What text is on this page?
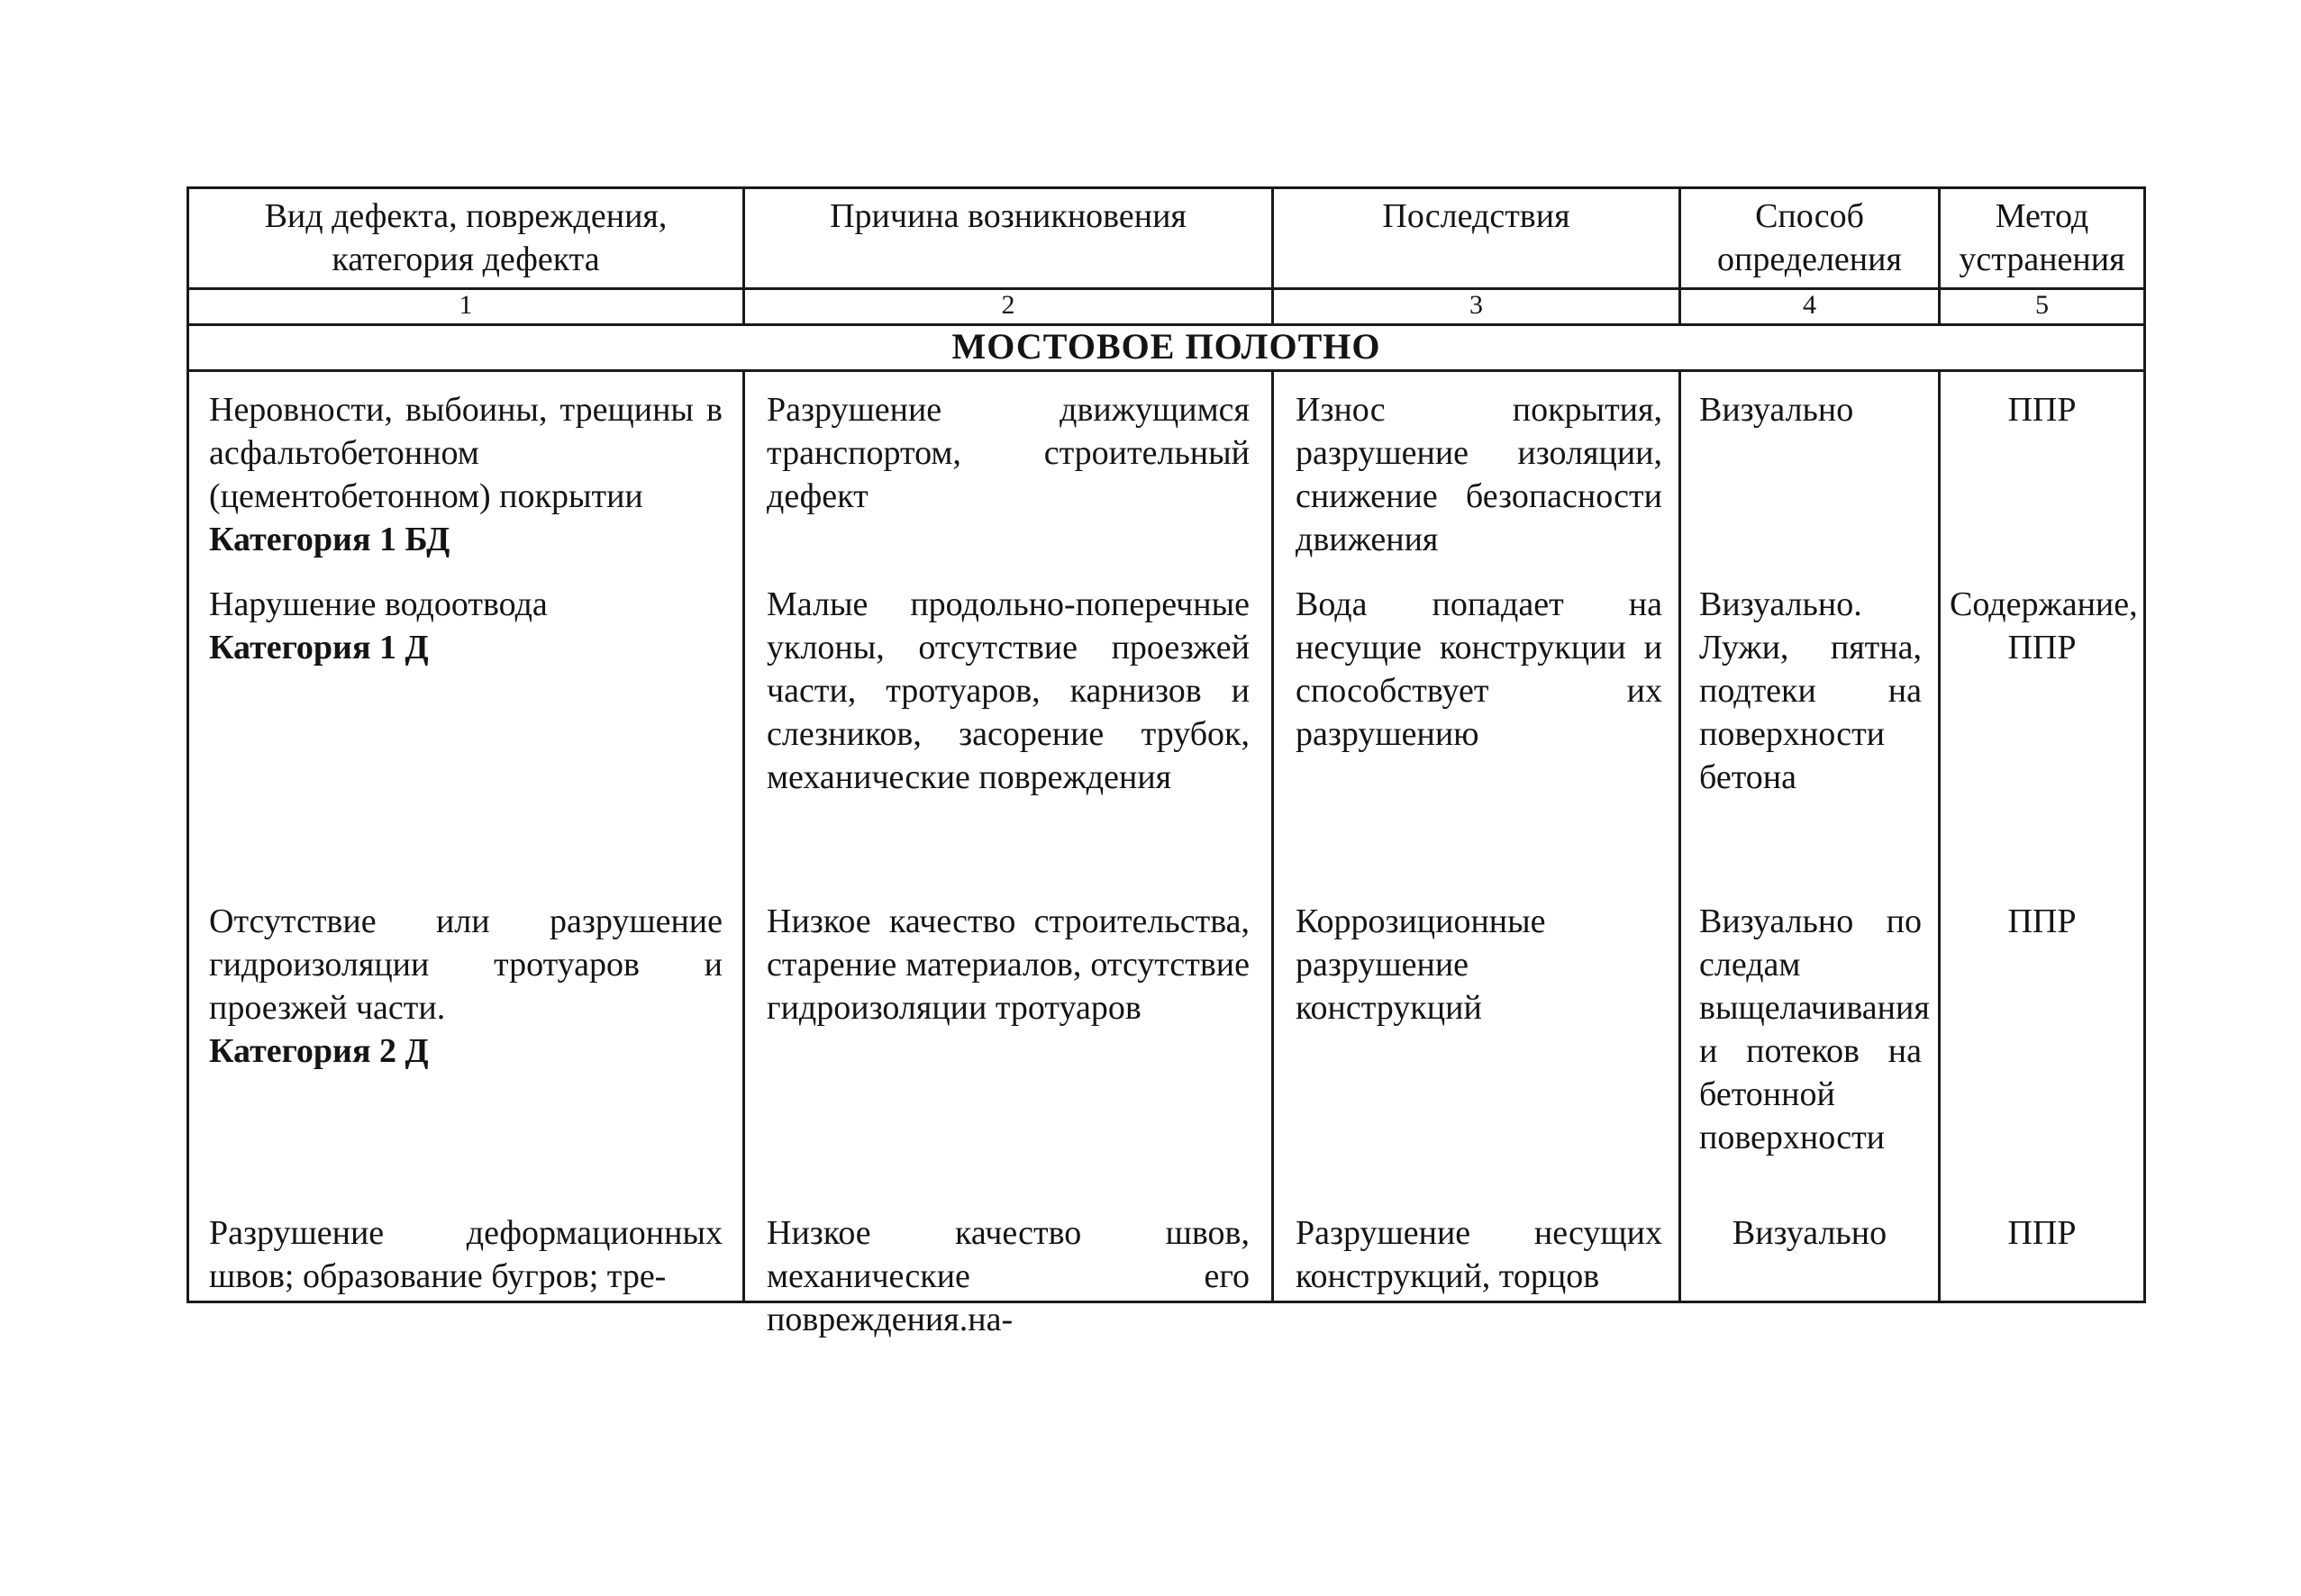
Вид дефекта, повреждения, категория дефекта	Причина возникновения	Последствия	Способ определения	Метод устранения
1	2	3	4	5
МОСТОВОЕ ПОЛОТНО				

Неровности, выбоины, трещины в асфальтобетонном (цементобетонном) покрытии
Категория 1 БД	Разрушение движущимся транспортом, строительный дефект	Износ покрытия, разрушение изоляции, снижение безопасности движения	Визуально	ППР

Нарушение водоотвода
Категория 1 Д	Малые продольно-поперечные уклоны, отсутствие проезжей части, тротуаров, карнизов и слезников, засорение трубок, механические повреждения	Вода попадает на несущие конструкции и способствует их разрушению	Визуально. Лужи, пятна, подтеки на поверхности бетона	Содержание, ППР

Отсутствие или разрушение гидроизоляции тротуаров и проезжей части.
Категория 2 Д	Низкое качество строительства, старение материалов, отсутствие гидроизоляции тротуаров	Коррозиционные разрушение конструкций	Визуально по следам выщелачивания и потеков на бетонной поверхности	ППР

Разрушение деформационных швов; образование бугров; тре-	Низкое качество швов, механические его повреждения.на-	Разрушение несущих конструкций, торцов	Визуально	ППР
